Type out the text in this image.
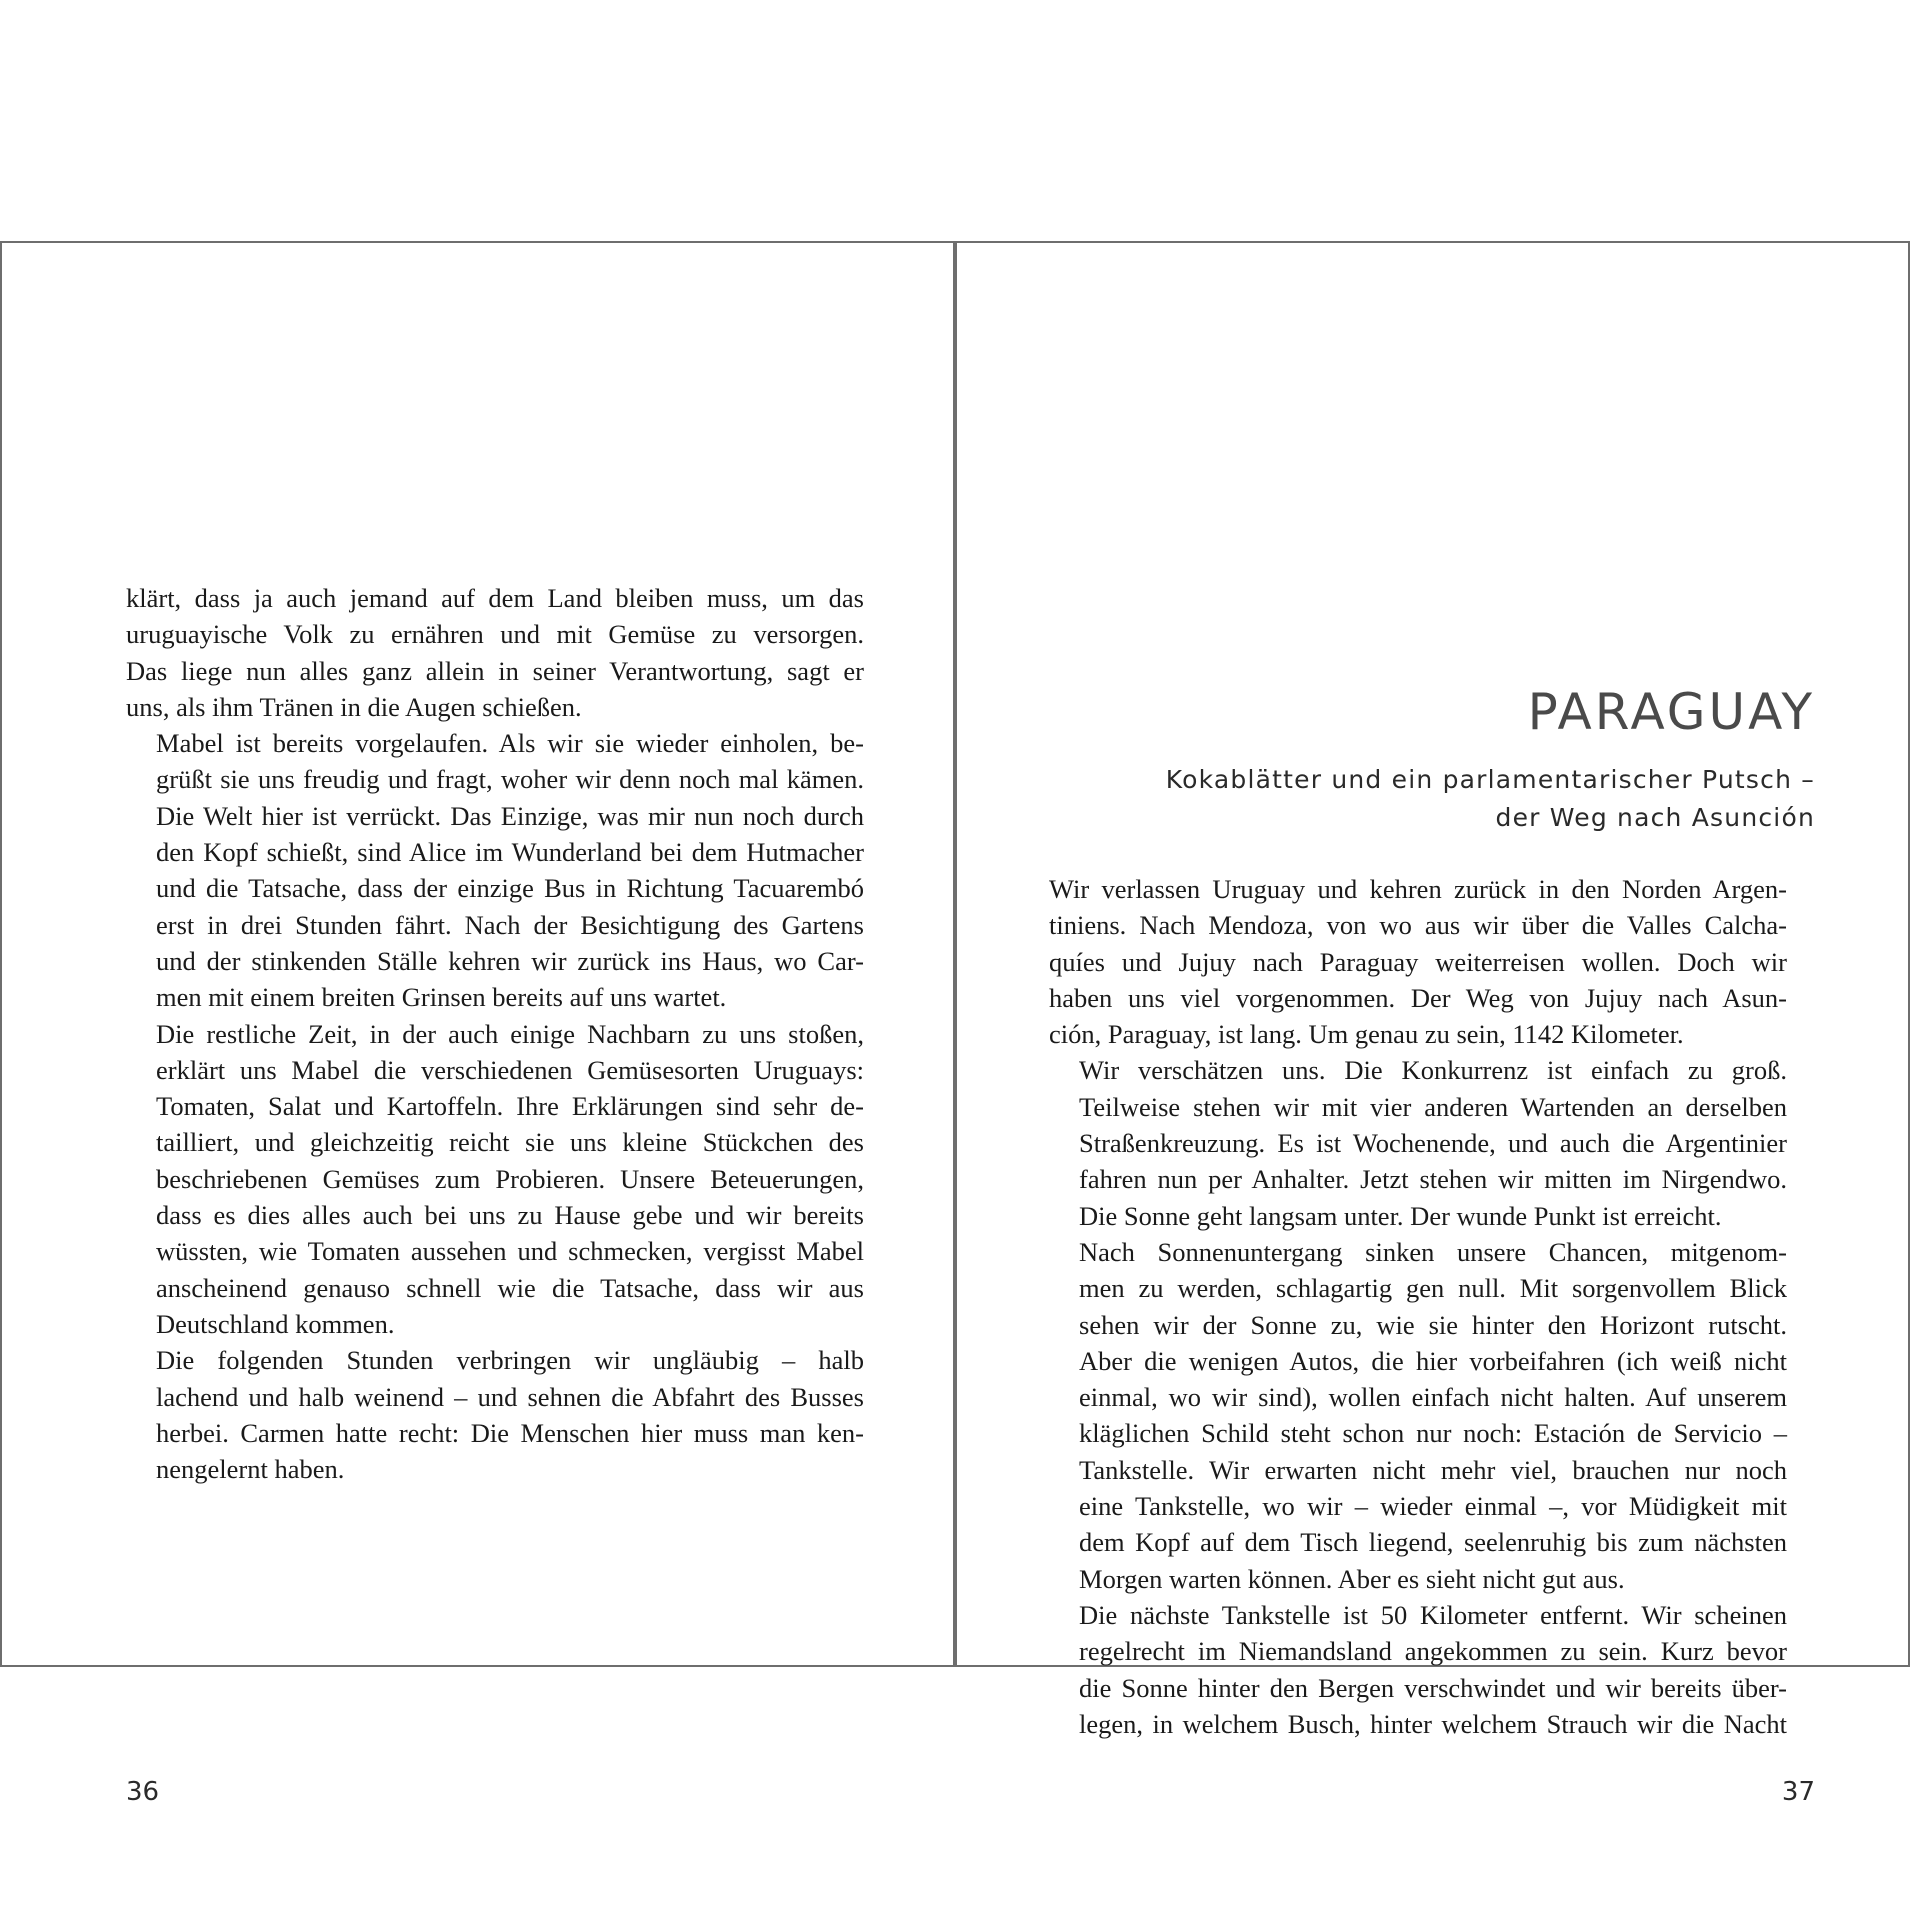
klärt, dass ja auch jemand auf dem Land bleiben muss, um das
uruguayische Volk zu ernähren und mit Gemüse zu versorgen.
Das liege nun alles ganz allein in seiner Verantwortung, sagt er
uns, als ihm Tränen in die Augen schießen.
Mabel ist bereits vorgelaufen. Als wir sie wieder einholen, be-
grüßt sie uns freudig und fragt, woher wir denn noch mal kämen.
Die Welt hier ist verrückt. Das Einzige, was mir nun noch durch
den Kopf schießt, sind Alice im Wunderland bei dem Hutmacher
und die Tatsache, dass der einzige Bus in Richtung Tacuarembó
erst in drei Stunden fährt. Nach der Besichtigung des Gartens
und der stinkenden Ställe kehren wir zurück ins Haus, wo Car-
men mit einem breiten Grinsen bereits auf uns wartet.
Die restliche Zeit, in der auch einige Nachbarn zu uns stoßen,
erklärt uns Mabel die verschiedenen Gemüsesorten Uruguays:
Tomaten, Salat und Kartoffeln. Ihre Erklärungen sind sehr de-
tailliert, und gleichzeitig reicht sie uns kleine Stückchen des
beschriebenen Gemüses zum Probieren. Unsere Beteuerungen,
dass es dies alles auch bei uns zu Hause gebe und wir bereits
wüssten, wie Tomaten aussehen und schmecken, vergisst Mabel
anscheinend genauso schnell wie die Tatsache, dass wir aus
Deutschland kommen.
Die folgenden Stunden verbringen wir ungläubig – halb
lachend und halb weinend – und sehnen die Abfahrt des Busses
herbei. Carmen hatte recht: Die Menschen hier muss man ken-
nengelernt haben.
36
PARAGUAY
Kokablätter und ein parlamentarischer Putsch –
der Weg nach Asunción
Wir verlassen Uruguay und kehren zurück in den Norden Argen-
tiniens. Nach Mendoza, von wo aus wir über die Valles Calcha-
quíes und Jujuy nach Paraguay weiterreisen wollen. Doch wir
haben uns viel vorgenommen. Der Weg von Jujuy nach Asun-
ción, Paraguay, ist lang. Um genau zu sein, 1142 Kilometer.
Wir verschätzen uns. Die Konkurrenz ist einfach zu groß.
Teilweise stehen wir mit vier anderen Wartenden an derselben
Straßenkreuzung. Es ist Wochenende, und auch die Argentinier
fahren nun per Anhalter. Jetzt stehen wir mitten im Nirgendwo.
Die Sonne geht langsam unter. Der wunde Punkt ist erreicht.
Nach Sonnenuntergang sinken unsere Chancen, mitgenom-
men zu werden, schlagartig gen null. Mit sorgenvollem Blick
sehen wir der Sonne zu, wie sie hinter den Horizont rutscht.
Aber die wenigen Autos, die hier vorbeifahren (ich weiß nicht
einmal, wo wir sind), wollen einfach nicht halten. Auf unserem
kläglichen Schild steht schon nur noch: Estación de Servicio –
Tankstelle. Wir erwarten nicht mehr viel, brauchen nur noch
eine Tankstelle, wo wir – wieder einmal –, vor Müdigkeit mit
dem Kopf auf dem Tisch liegend, seelenruhig bis zum nächsten
Morgen warten können. Aber es sieht nicht gut aus.
Die nächste Tankstelle ist 50 Kilometer entfernt. Wir scheinen
regelrecht im Niemandsland angekommen zu sein. Kurz bevor
die Sonne hinter den Bergen verschwindet und wir bereits über-
legen, in welchem Busch, hinter welchem Strauch wir die Nacht
37
